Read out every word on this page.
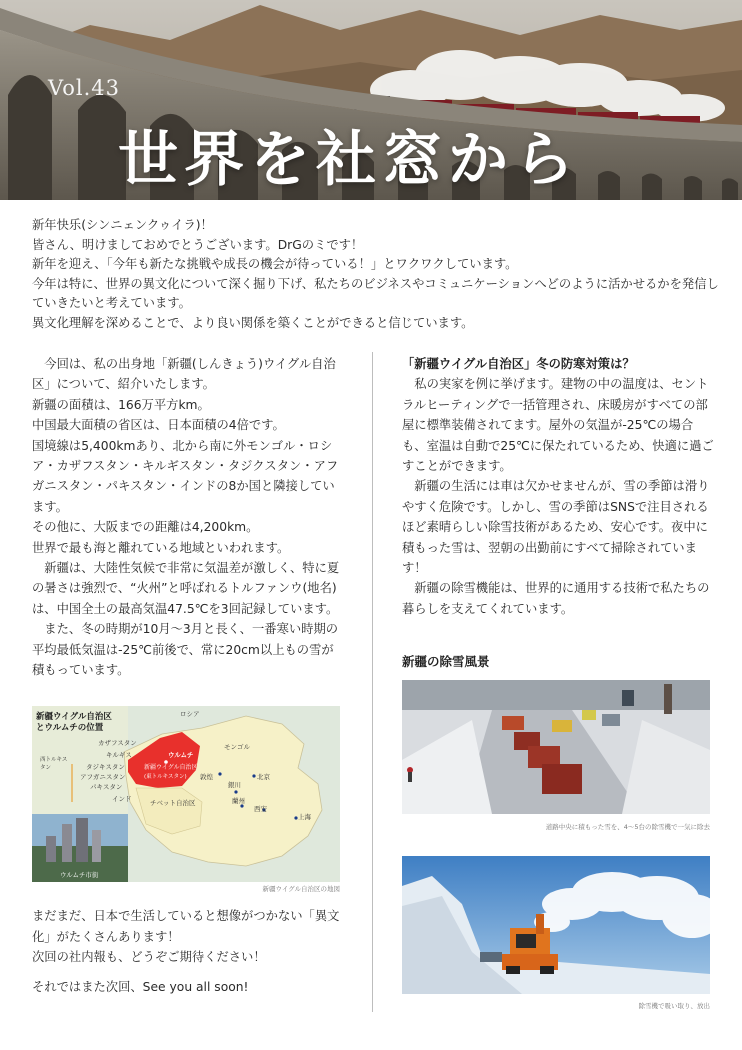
Vol.43
世界を社窓から

新年快乐(シンニェンクゥイラ)！

皆さん、明けましておめでとうございます。DrGのミです！

新年を迎え、「今年も新たな挑戦や成長の機会が待っている！」とワクワクしています。

今年は特に、世界の異文化について深く掘り下げ、私たちのビジネスやコミュニケーションへどのように活かせるかを発信していきたいと考えています。

異文化理解を深めることで、より良い関係を築くことができると信じています。

今回は、私の出身地「新疆(しんきょう)ウイグル自治区」について、紹介いたします。

新疆の面積は、166万平方km。

中国最大面積の省区は、日本面積の4倍です。

国境線は5,400kmあり、北から南に外モンゴル・ロシア・カザフスタン・キルギスタン・タジクスタン・アフガニスタン・パキスタン・インドの8か国と隣接しています。

その他に、大阪までの距離は4,200km。

世界で最も海と離れている地域といわれます。

新疆は、大陸性気候で非常に気温差が激しく、特に夏の暑さは強烈で、“火州”と呼ばれるトルファンウ(地名)は、中国全土の最高気温47.5℃を3回記録しています。

また、冬の時期が10月～3月と長く、一番寒い時期の平均最低気温は-25℃前後で、常に20cm以上もの雪が積もっています。

新疆ウイグル自治区
とウルムチの位置
ロシア
モンゴル
カザフスタン
キルギス
タジキスタン
アフガニスタン
パキスタン
インド
西トルキスタン
ウルムチ
新疆ウイグル自治区
(東トルキスタン)
チベット自治区
敦煌	北京
銀川
蘭州
西安
上海
ウルムチ市街
新疆ウイグル自治区の地図

まだまだ、日本で生活していると想像がつかない「異文化」がたくさんあります！

次回の社内報も、どうぞご期待ください！

それではまた次回、See you all soon!

「新疆ウイグル自治区」冬の防寒対策は？

私の実家を例に挙げます。建物の中の温度は、セントラルヒーティングで一括管理され、床暖房がすべての部屋に標準装備されてます。屋外の気温が-25℃の場合も、室温は自動で25℃に保たれているため、快適に過ごすことができます。

新疆の生活には車は欠かせませんが、雪の季節は滑りやすく危険です。しかし、雪の季節はSNSで注目されるほど素晴らしい除雪技術があるため、安心です。夜中に積もった雪は、翌朝の出勤前にすべて掃除されています！

新疆の除雪機能は、世界的に通用する技術で私たちの暮らしを支えてくれています。

新疆の除雪風景
道路中央に積もった雪を、4～5台の除雪機で一気に除去
除雪機で吸い取り、放出
